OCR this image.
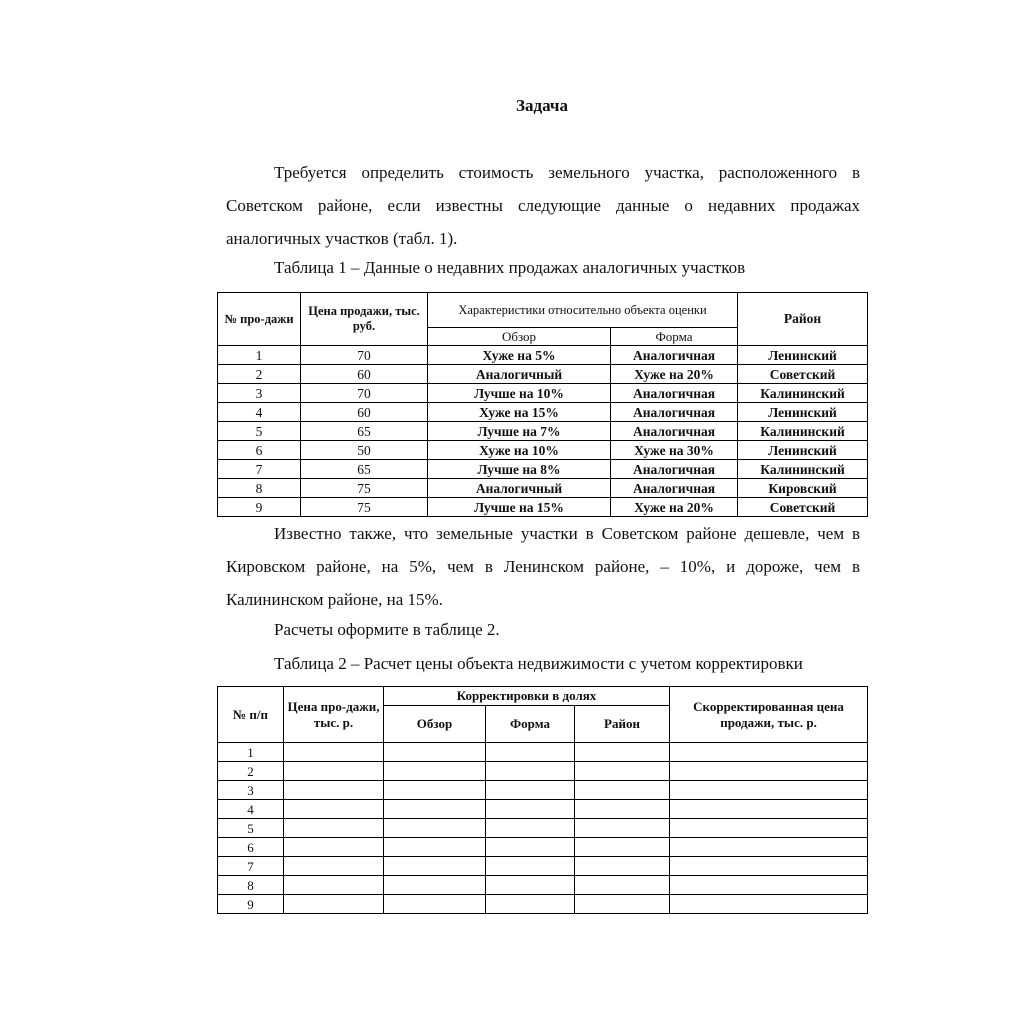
Задача
Требуется определить стоимость земельного участка, расположенного в Советском районе, если известны следующие данные о недавних продажах аналогичных участков (табл. 1).
Таблица 1 – Данные о недавних продажах аналогичных участков
№ про-дажи	Цена продажи, тыс. руб.	Характеристики относительно объекта оценки		Район
		Обзор	Форма	
1	70	Хуже на 5%	Аналогичная	Ленинский
2	60	Аналогичный	Хуже на 20%	Советский
3	70	Лучше на 10%	Аналогичная	Калининский
4	60	Хуже на 15%	Аналогичная	Ленинский
5	65	Лучше на 7%	Аналогичная	Калининский
6	50	Хуже на 10%	Хуже на 30%	Ленинский
7	65	Лучше на 8%	Аналогичная	Калининский
8	75	Аналогичный	Аналогичная	Кировский
9	75	Лучше на 15%	Хуже на 20%	Советский
Известно также, что земельные участки в Советском районе дешевле, чем в Кировском районе, на 5%, чем в Ленинском районе, – 10%, и дороже, чем в Калининском районе, на 15%.
Расчеты оформите в таблице 2.
Таблица 2 – Расчет цены объекта недвижимости с учетом корректировки
№ п/п	Цена про-дажи, тыс. р.	Корректировки в долях			Скорректированная цена продажи, тыс. р.
		Обзор	Форма	Район	
1					
2					
3					
4					
5					
6					
7					
8					
9					
